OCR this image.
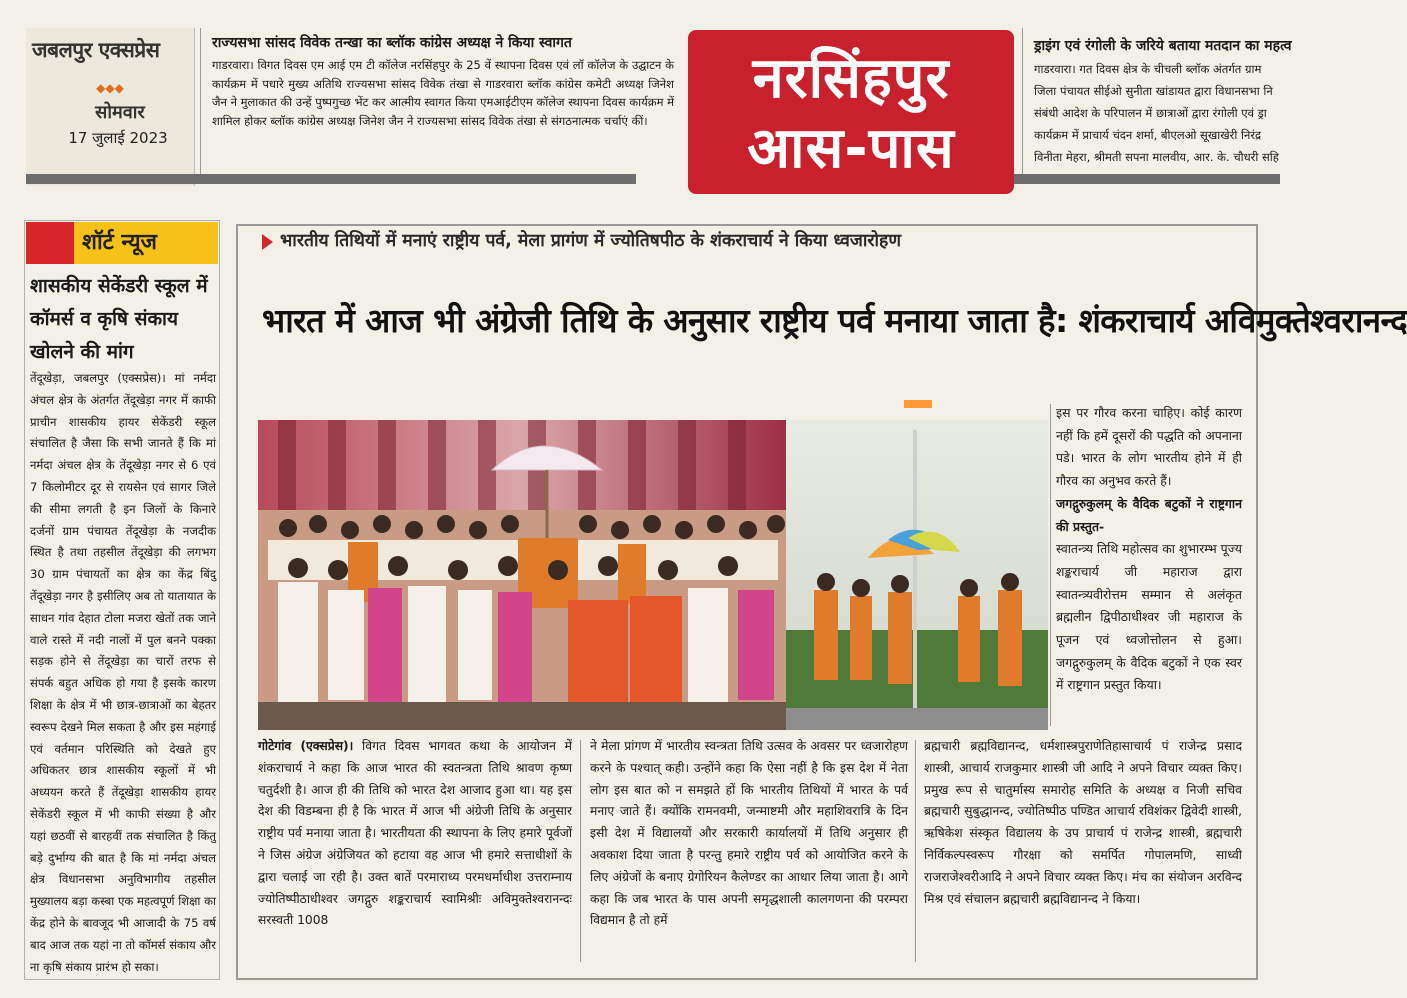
जबलपुर एक्सप्रेस
◆◆◆
सोमवार
17 जुलाई 2023
राज्यसभा सांसद विवेक तन्खा का ब्लॉक कांग्रेस अध्यक्ष ने किया स्वागत
गाडरवारा। विगत दिवस एम आई एम टी कॉलेज नरसिंहपुर के 25 वें स्थापना दिवस एवं लॉ कॉलेज के उद्घाटन के कार्यक्रम में पधारे मुख्य अतिथि राज्यसभा सांसद विवेक तंखा से गाडरवारा ब्लॉक कांग्रेस कमेटी अध्यक्ष जिनेश जैन ने मुलाकात की उन्हें पुष्पगुच्छ भेंट कर आत्मीय स्वागत किया एमआईटीएम कॉलेज स्थापना दिवस कार्यक्रम में शामिल होकर ब्लॉक कांग्रेस अध्यक्ष जिनेश जैन ने राज्यसभा सांसद विवेक तंखा से संगठनात्मक चर्चाएं कीं।
नरसिंहपुर
आस-पास
ड्राइंग एवं रंगोली के जरिये बताया मतदान का महत्व
गाडरवारा। गत दिवस क्षेत्र के चीचली ब्लॉक अंतर्गत ग्राम
जिला पंचायत सीईओ सुनीता खांडायत द्वारा विधानसभा नि
संबंधी आदेश के परिपालन में छात्राओं द्वारा रंगोली एवं ड्रा
कार्यक्रम में प्राचार्य चंदन शर्मा, बीएलओ सूखाखेरी निरंद्र
विनीता मेहरा, श्रीमती सपना मालवीय, आर. के. चौधरी सहि
शॉर्ट न्यूज
शासकीय सेकेंडरी स्कूल में कॉमर्स व कृषि संकाय खोलने की मांग
तेंदूखेड़ा, जबलपुर (एक्सप्रेस)। मां नर्मदा अंचल क्षेत्र के अंतर्गत तेंदूखेड़ा नगर में काफी प्राचीन शासकीय हायर सेकेंडरी स्कूल संचालित है जैसा कि सभी जानते हैं कि मां नर्मदा अंचल क्षेत्र के तेंदूखेड़ा नगर से 6 एवं 7 किलोमीटर दूर से रायसेन एवं सागर जिले की सीमा लगती है इन जिलों के किनारे दर्जनों ग्राम पंचायत तेंदूखेड़ा के नजदीक स्थित है तथा तहसील तेंदूखेड़ा की लगभग 30 ग्राम पंचायतों का क्षेत्र का केंद्र बिंदु तेंदूखेड़ा नगर है इसीलिए अब तो यातायात के साधन गांव देहात टोला मजरा खेतों तक जाने वाले रास्ते में नदी नालों में पुल बनने पक्का सड़क होने से तेंदूखेड़ा का चारों तरफ से संपर्क बहुत अधिक हो गया है इसके कारण शिक्षा के क्षेत्र में भी छात्र-छात्राओं का बेहतर स्वरूप देखने मिल सकता है और इस महंगाई एवं वर्तमान परिस्थिति को देखते हुए अधिकतर छात्र शासकीय स्कूलों में भी अध्ययन करते हैं तेंदूखेड़ा शासकीय हायर सेकेंडरी स्कूल में भी काफी संख्या है और यहां छठवीं से बारहवीं तक संचालित है किंतु बड़े दुर्भाग्य की बात है कि मां नर्मदा अंचल क्षेत्र विधानसभा अनुविभागीय तहसील मुख्यालय बड़ा कस्बा एक महत्वपूर्ण शिक्षा का केंद्र होने के बावजूद भी आजादी के 75 वर्ष बाद आज तक यहां ना तो कॉमर्स संकाय और ना कृषि संकाय प्रारंभ हो सका।
भारतीय तिथियों में मनाएं राष्ट्रीय पर्व, मेला प्रागंण में ज्योतिषपीठ के शंकराचार्य ने किया ध्वजारोहण
भारत में आज भी अंग्रेजी तिथि के अनुसार राष्ट्रीय पर्व मनाया जाता है: शंकराचार्य अविमुक्तेश्वरानन्द
इस पर गौरव करना चाहिए। कोई कारण नहीं कि हमें दूसरों की पद्धति को अपनाना पडे। भारत के लोग भारतीय होने में ही गौरव का अनुभव करते हैं।
जगद्गुरुकुलम् के वैदिक बटुकों ने राष्ट्रगान की प्रस्तुत-
स्वातन्त्र्य तिथि महोत्सव का शुभारम्भ पूज्य शङ्कराचार्य जी महाराज द्वारा स्वातन्त्र्यवीरोत्तम सम्मान से अलंकृत ब्रह्मलीन द्विपीठाधीश्वर जी महाराज के पूजन एवं ध्वजोत्तोलन से हुआ। जगद्गुरुकुलम् के वैदिक बटुकों ने एक स्वर में राष्ट्रगान प्रस्तुत किया।
गोटेगांव (एक्सप्रेस)। विगत दिवस भागवत कथा के आयोजन में शंकराचार्य ने कहा कि आज भारत की स्वतन्त्रता तिथि श्रावण कृष्ण चतुर्दशी है। आज ही की तिथि को भारत देश आजाद हुआ था। यह इस देश की विडम्बना ही है कि भारत में आज भी अंग्रेजी तिथि के अनुसार राष्ट्रीय पर्व मनाया जाता है। भारतीयता की स्थापना के लिए हमारे पूर्वजों ने जिस अंग्रेज अंग्रेजियत को हटाया वह आज भी हमारे सत्ताधीशों के द्वारा चलाई जा रही है। उक्त बातें परमाराध्य परमधर्माधीश उत्तराम्नाय ज्योतिष्पीठाधीश्वर जगद्गुरु शङ्कराचार्य स्वामिश्रीः अविमुक्तेश्वरानन्दः सरस्वती 1008
ने मेला प्रांगण में भारतीय स्वन्त्रता तिथि उत्सव के अवसर पर ध्वजारोहण करने के पश्चात् कही। उन्होंने कहा कि ऐसा नहीं है कि इस देश में नेता लोग इस बात को न समझते हों कि भारतीय तिथियों में भारत के पर्व मनाए जाते हैं। क्योंकि रामनवमी, जन्माष्टमी और महाशिवरात्रि के दिन इसी देश में विद्यालयों और सरकारी कार्यालयों में तिथि अनुसार ही अवकाश दिया जाता है परन्तु हमारे राष्ट्रीय पर्व को आयोजित करने के लिए अंग्रेजों के बनाए ग्रेगोरियन कैलेण्डर का आधार लिया जाता है। आगे कहा कि जब भारत के पास अपनी समृद्धशाली कालगणना की परम्परा विद्यमान है तो हमें
ब्रह्मचारी ब्रह्मविद्यानन्द, धर्मशास्त्रपुराणेतिहासाचार्य पं राजेन्द्र प्रसाद शास्त्री, आचार्य राजकुमार शास्त्री जी आदि ने अपने विचार व्यक्त किए। प्रमुख रूप से चातुर्मास्य समारोह समिति के अध्यक्ष व निजी सचिव ब्रह्मचारी सुबुद्धानन्द, ज्योतिष्पीठ पण्डित आचार्य रविशंकर द्विवेदी शास्त्री, ऋषिकेश संस्कृत विद्यालय के उप प्राचार्य पं राजेन्द्र शास्त्री, ब्रह्मचारी निर्विकल्पस्वरूप गौरक्षा को समर्पित गोपालमणि, साध्वी राजराजेश्वरीआदि ने अपने विचार व्यक्त किए। मंच का संयोजन अरविन्द मिश्र एवं संचालन ब्रह्मचारी ब्रह्मविद्यानन्द ने किया।
